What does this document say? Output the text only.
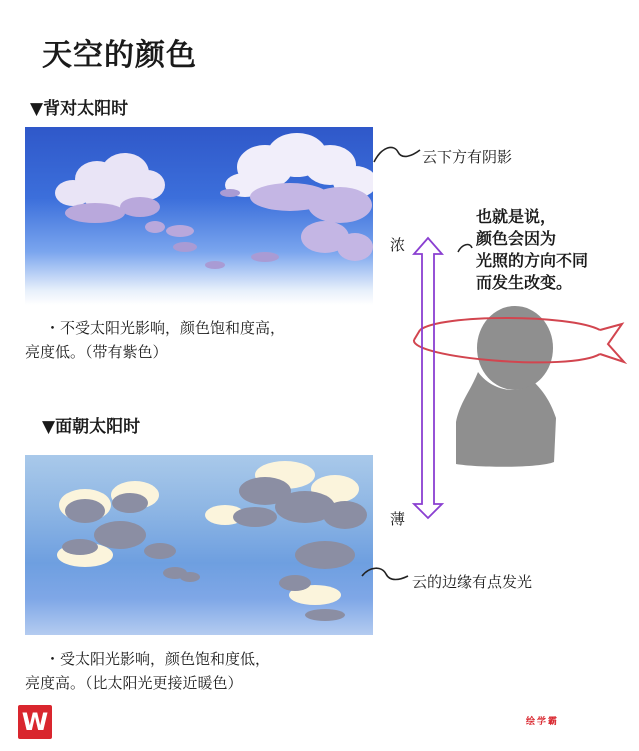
天空的颜色
▼背对太阳时
・不受太阳光影响，颜色饱和度高，
亮度低。（带有紫色）
▼面朝太阳时
・受太阳光影响，颜色饱和度低，
亮度高。（比太阳光更接近暖色）
云下方有阴影
云的边缘有点发光
浓
薄
也就是说，
颜色会因为
光照的方向不同
而发生改变。
W	绘学霸
